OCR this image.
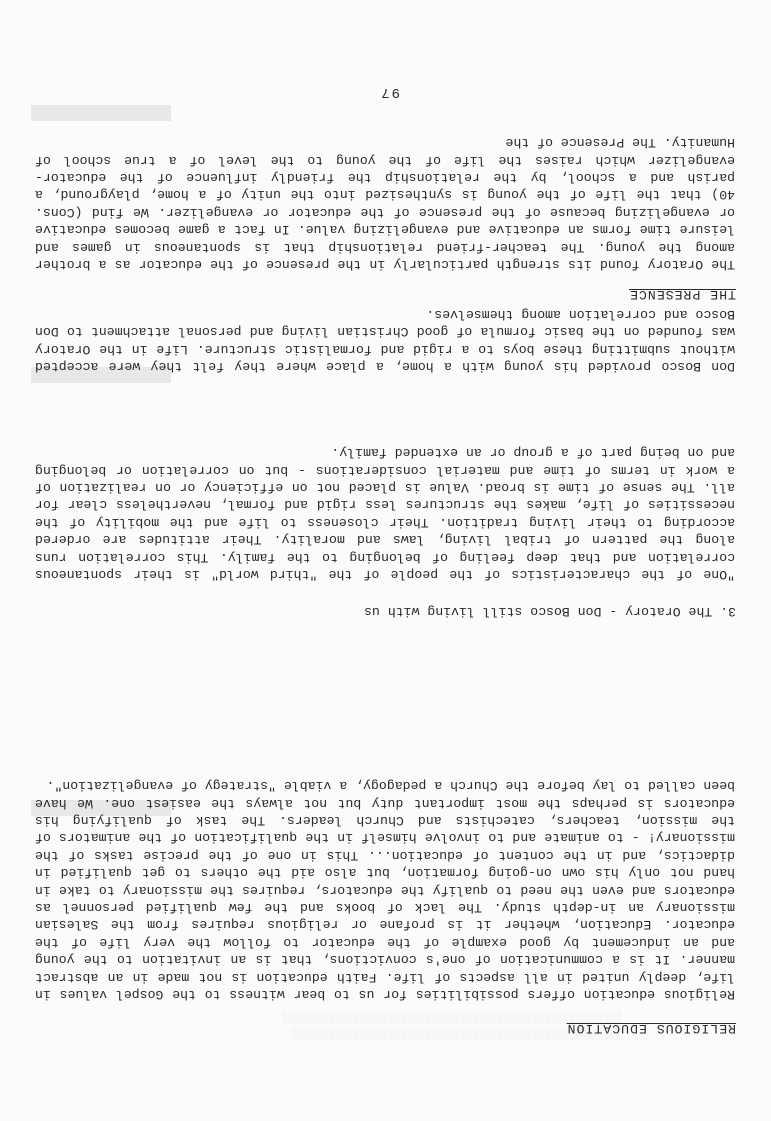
░░░░░░░░░░░░░░░░░░░░░░░░░░░░░░░░░░░░░░░░░░░░░░
░░░░░░░░░░░░░░░░░░░░░░░░░░░░░░░░░░░░░░░░░░░░░░░
RELIGIOUS EDUCATION

Religious education offers possibilities for us to bear witness to the Gospel values in life, deeply united in all aspects of life. Faith education is not made in an abstract manner. It is a communication of one's convictions, that is an invitation to the young and an inducement by good example of the educator to follow the very life of the educator. Education, whether it is profane or religious requires from the Salesian missionary an in-depth study. The lack of books and the few qualified personnel as educators and even the need to qualify the educators, requires the missionary to take in hand not only his own on-going formation, but also aid the others to get qualified in didactics, and in the content of education... This in one of the precise tasks of the missionary! - to animate and to involve himself in the qualification of the animators of the mission, teachers, catechists and Church leaders. The task of qualifying his educators is perhaps the most important duty but not always the easiest one. We have been called to lay before the Church a pedagogy, a viable "strategy of evangelization".

3. The Oratory - Don Bosco still living with us

"One of the characteristics of the people of the "third world" is their spontaneous correlation and that deep feeling of belonging to the family. This correlation runs along the pattern of tribal living, laws and morality. Their attitudes are ordered according to their living tradition. Their closeness to life and the mobility of the necessities of life, makes the structures less rigid and formal, nevertheless clear for all. The sense of time is broad. Value is placed not on efficiency or on realization of a work in terms of time and material considerations - but on correlation or belonging and on being part of a group or an extended family.

Don Bosco provided his young with a home, a place where they felt they were accepted without submitting these boys to a rigid and formalistic structure. Life in the Oratory was founded on the basic formula of good Christian living and personal attachment to Don Bosco and correlation among themselves.

THE PRESENCE

The Oratory found its strength particularly in the presence of the educator as a brother among the young. The teacher-friend relationship that is spontaneous in games and leisure time forms an educative and evangelizing value. In fact a game becomes educative or evangelizing because of the presence of the educator or evangelizer. We find (Cons. 40) that the life of the young is synthesized into the unity of a home, playground, a parish and a school, by the relationship the friendly influence of the educator-evangelizer which raises the life of the young to the level of a true school of Humanity. The Presence of the

97
